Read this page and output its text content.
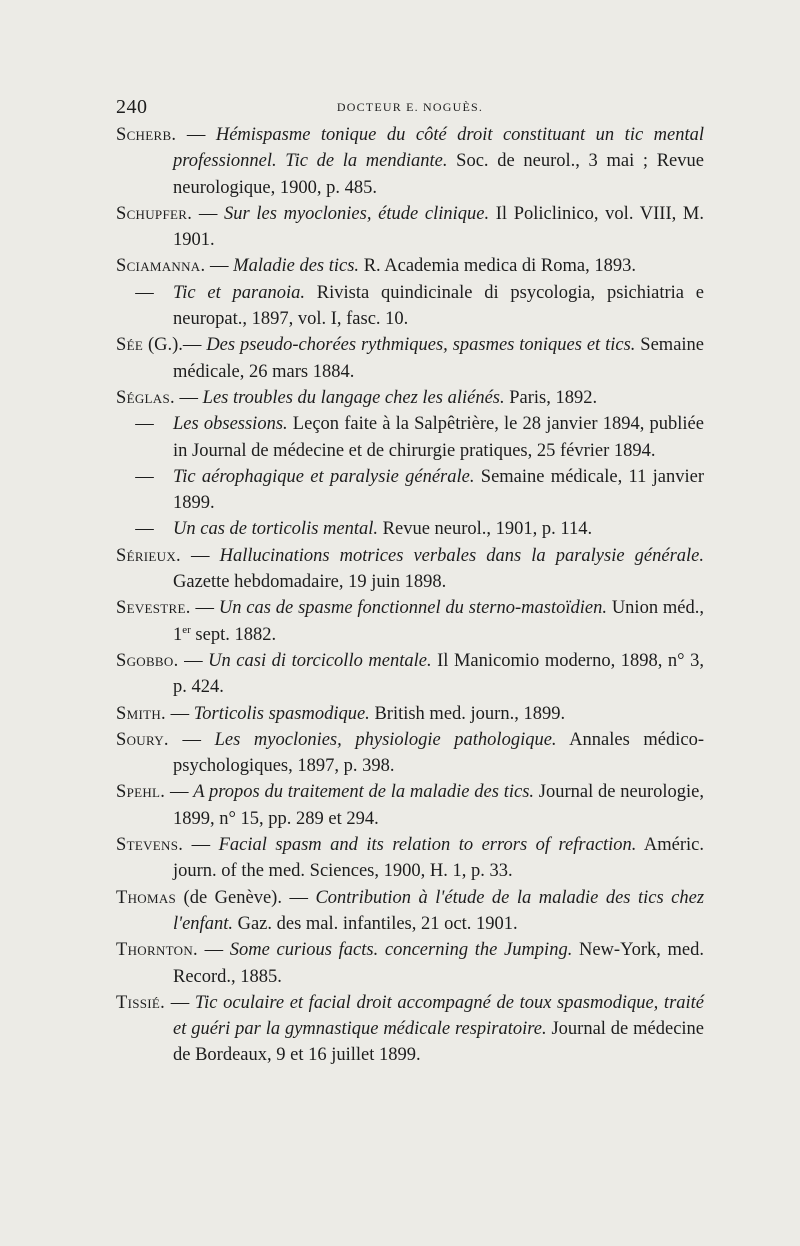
240	DOCTEUR E. NOGUÈS.
Scherb. — Hémispasme tonique du côté droit constituant un tic mental professionnel. Tic de la mendiante. Soc. de neurol., 3 mai ; Revue neurologique, 1900, p. 485.
Schupfer. — Sur les myoclonies, étude clinique. Il Policlinico, vol. VIII, M. 1901.
Sciamanna. — Maladie des tics. R. Academia medica di Roma, 1893.
— Tic et paranoia. Rivista quindicinale di psycologia, psichiatria e neuropat., 1897, vol. I, fasc. 10.
Sée (G.).— Des pseudo-chorées rythmiques, spasmes toniques et tics. Semaine médicale, 26 mars 1884.
Séglas. — Les troubles du langage chez les aliénés. Paris, 1892.
— Les obsessions. Leçon faite à la Salpêtrière, le 28 janvier 1894, publiée in Journal de médecine et de chirurgie pratiques, 25 février 1894.
— Tic aérophagique et paralysie générale. Semaine médicale, 11 janvier 1899.
— Un cas de torticolis mental. Revue neurol., 1901, p. 114.
Sérieux. — Hallucinations motrices verbales dans la paralysie générale. Gazette hebdomadaire, 19 juin 1898.
Sevestre. — Un cas de spasme fonctionnel du sterno-mastoïdien. Union méd., 1er sept. 1882.
Sgobbo. — Un casi di torcicollo mentale. Il Manicomio moderno, 1898, n° 3, p. 424.
Smith. — Torticolis spasmodique. British med. journ., 1899.
Soury. — Les myoclonies, physiologie pathologique. Annales médico-psychologiques, 1897, p. 398.
Spehl. — A propos du traitement de la maladie des tics. Journal de neurologie, 1899, n° 15, pp. 289 et 294.
Stevens. — Facial spasm and its relation to errors of refraction. Améric. journ. of the med. Sciences, 1900, H. 1, p. 33.
Thomas (de Genève). — Contribution à l'étude de la maladie des tics chez l'enfant. Gaz. des mal. infantiles, 21 oct. 1901.
Thornton. — Some curious facts. concerning the Jumping. New-York, med. Record., 1885.
Tissié. — Tic oculaire et facial droit accompagné de toux spasmodique, traité et guéri par la gymnastique médicale respiratoire. Journal de médecine de Bordeaux, 9 et 16 juillet 1899.
